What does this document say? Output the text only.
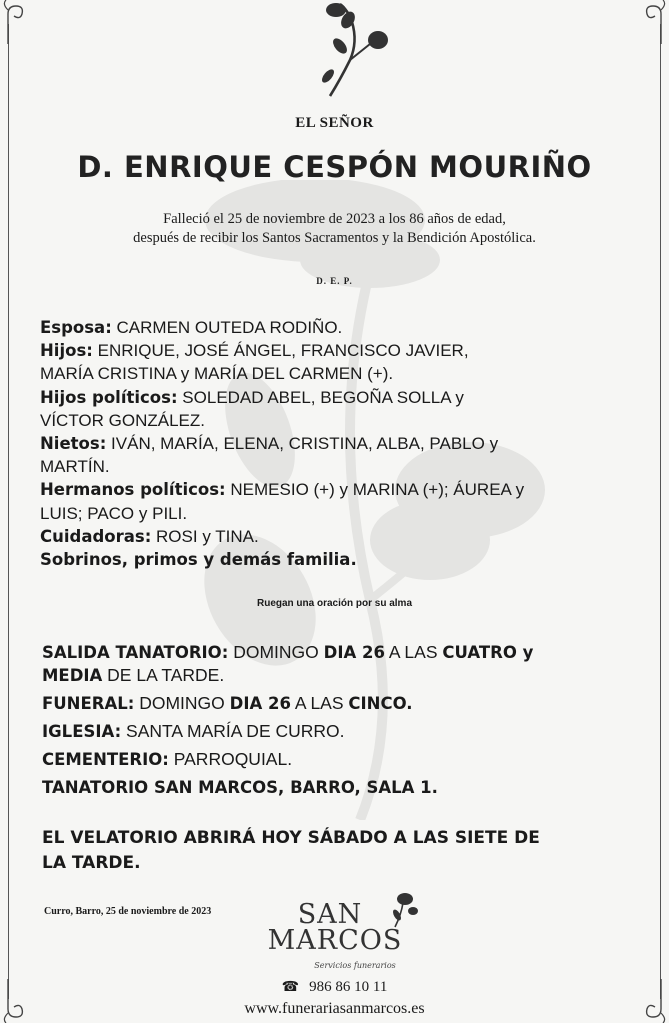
EL SEÑOR
D. ENRIQUE CESPÓN MOURIÑO
Falleció el 25 de noviembre de 2023 a los 86 años de edad,
después de recibir los Santos Sacramentos y la Bendición Apostólica.
D. E. P.
Esposa: CARMEN OUTEDA RODIÑO.
Hijos: ENRIQUE, JOSÉ ÁNGEL, FRANCISCO JAVIER,
MARÍA CRISTINA y MARÍA DEL CARMEN (+).
Hijos políticos: SOLEDAD ABEL, BEGOÑA SOLLA y
VÍCTOR GONZÁLEZ.
Nietos: IVÁN, MARÍA, ELENA, CRISTINA, ALBA, PABLO y
MARTÍN.
Hermanos políticos: NEMESIO (+) y MARINA (+); ÁUREA y
LUIS; PACO y PILI.
Cuidadoras: ROSI y TINA.
Sobrinos, primos y demás familia.
Ruegan una oración por su alma
SALIDA TANATORIO: DOMINGO DIA 26 A LAS CUATRO y
MEDIA DE LA TARDE.
FUNERAL: DOMINGO DIA 26 A LAS CINCO.
IGLESIA: SANTA MARÍA DE CURRO.
CEMENTERIO: PARROQUIAL.
TANATORIO SAN MARCOS, BARRO, SALA 1.
EL VELATORIO ABRIRÁ HOY SÁBADO A LAS SIETE DE
LA TARDE.
Curro, Barro, 25 de noviembre de 2023	SAN
MARCOS
Servicios funerarios
☎ 986 86 10 11
www.funerariasanmarcos.es
